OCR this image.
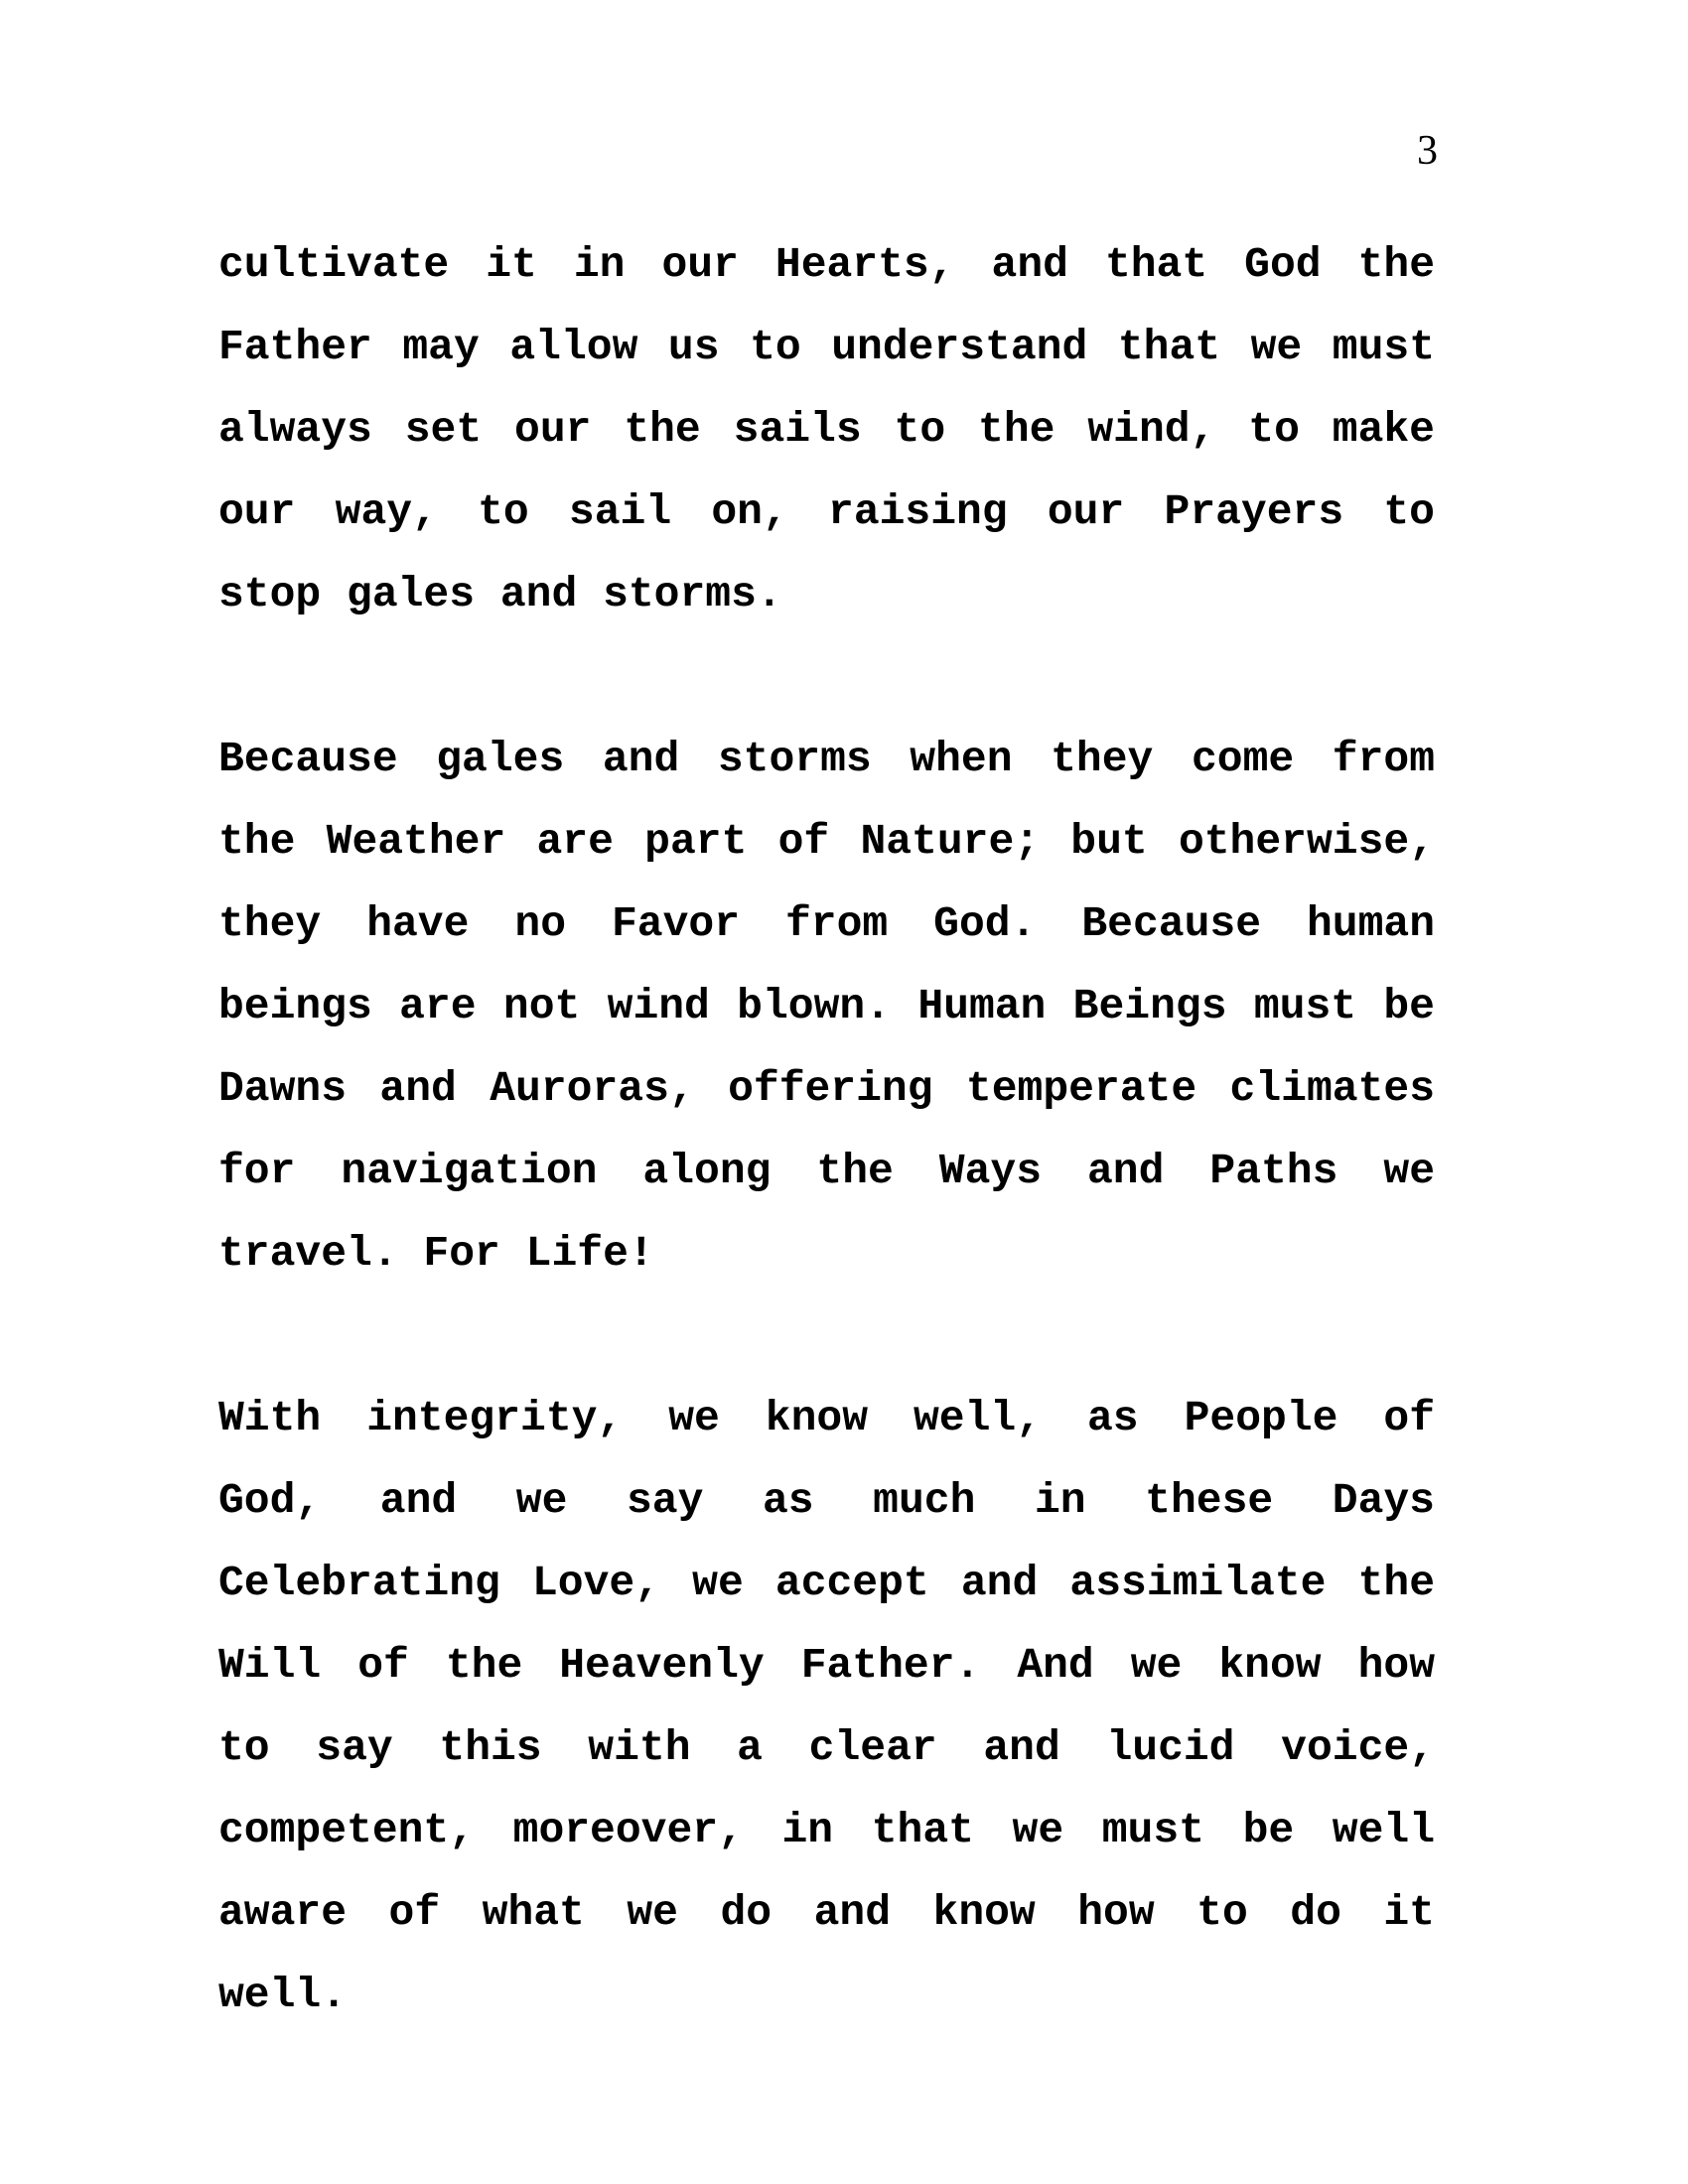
3

cultivate it in our Hearts, and that God the
Father may allow us to understand that we must
always set our the sails to the wind, to make
our way, to sail on, raising our Prayers to
stop gales and storms.

Because gales and storms when they come from
the Weather are part of Nature; but otherwise,
they have no Favor from God. Because human
beings are not wind blown. Human Beings must be
Dawns and Auroras, offering temperate climates
for navigation along the Ways and Paths we
travel. For Life!

With integrity, we know well, as People of
God, and we say as much in these Days
Celebrating Love, we accept and assimilate the
Will of the Heavenly Father. And we know how
to say this with a clear and lucid voice,
competent, moreover, in that we must be well
aware of what we do and know how to do it
well.
